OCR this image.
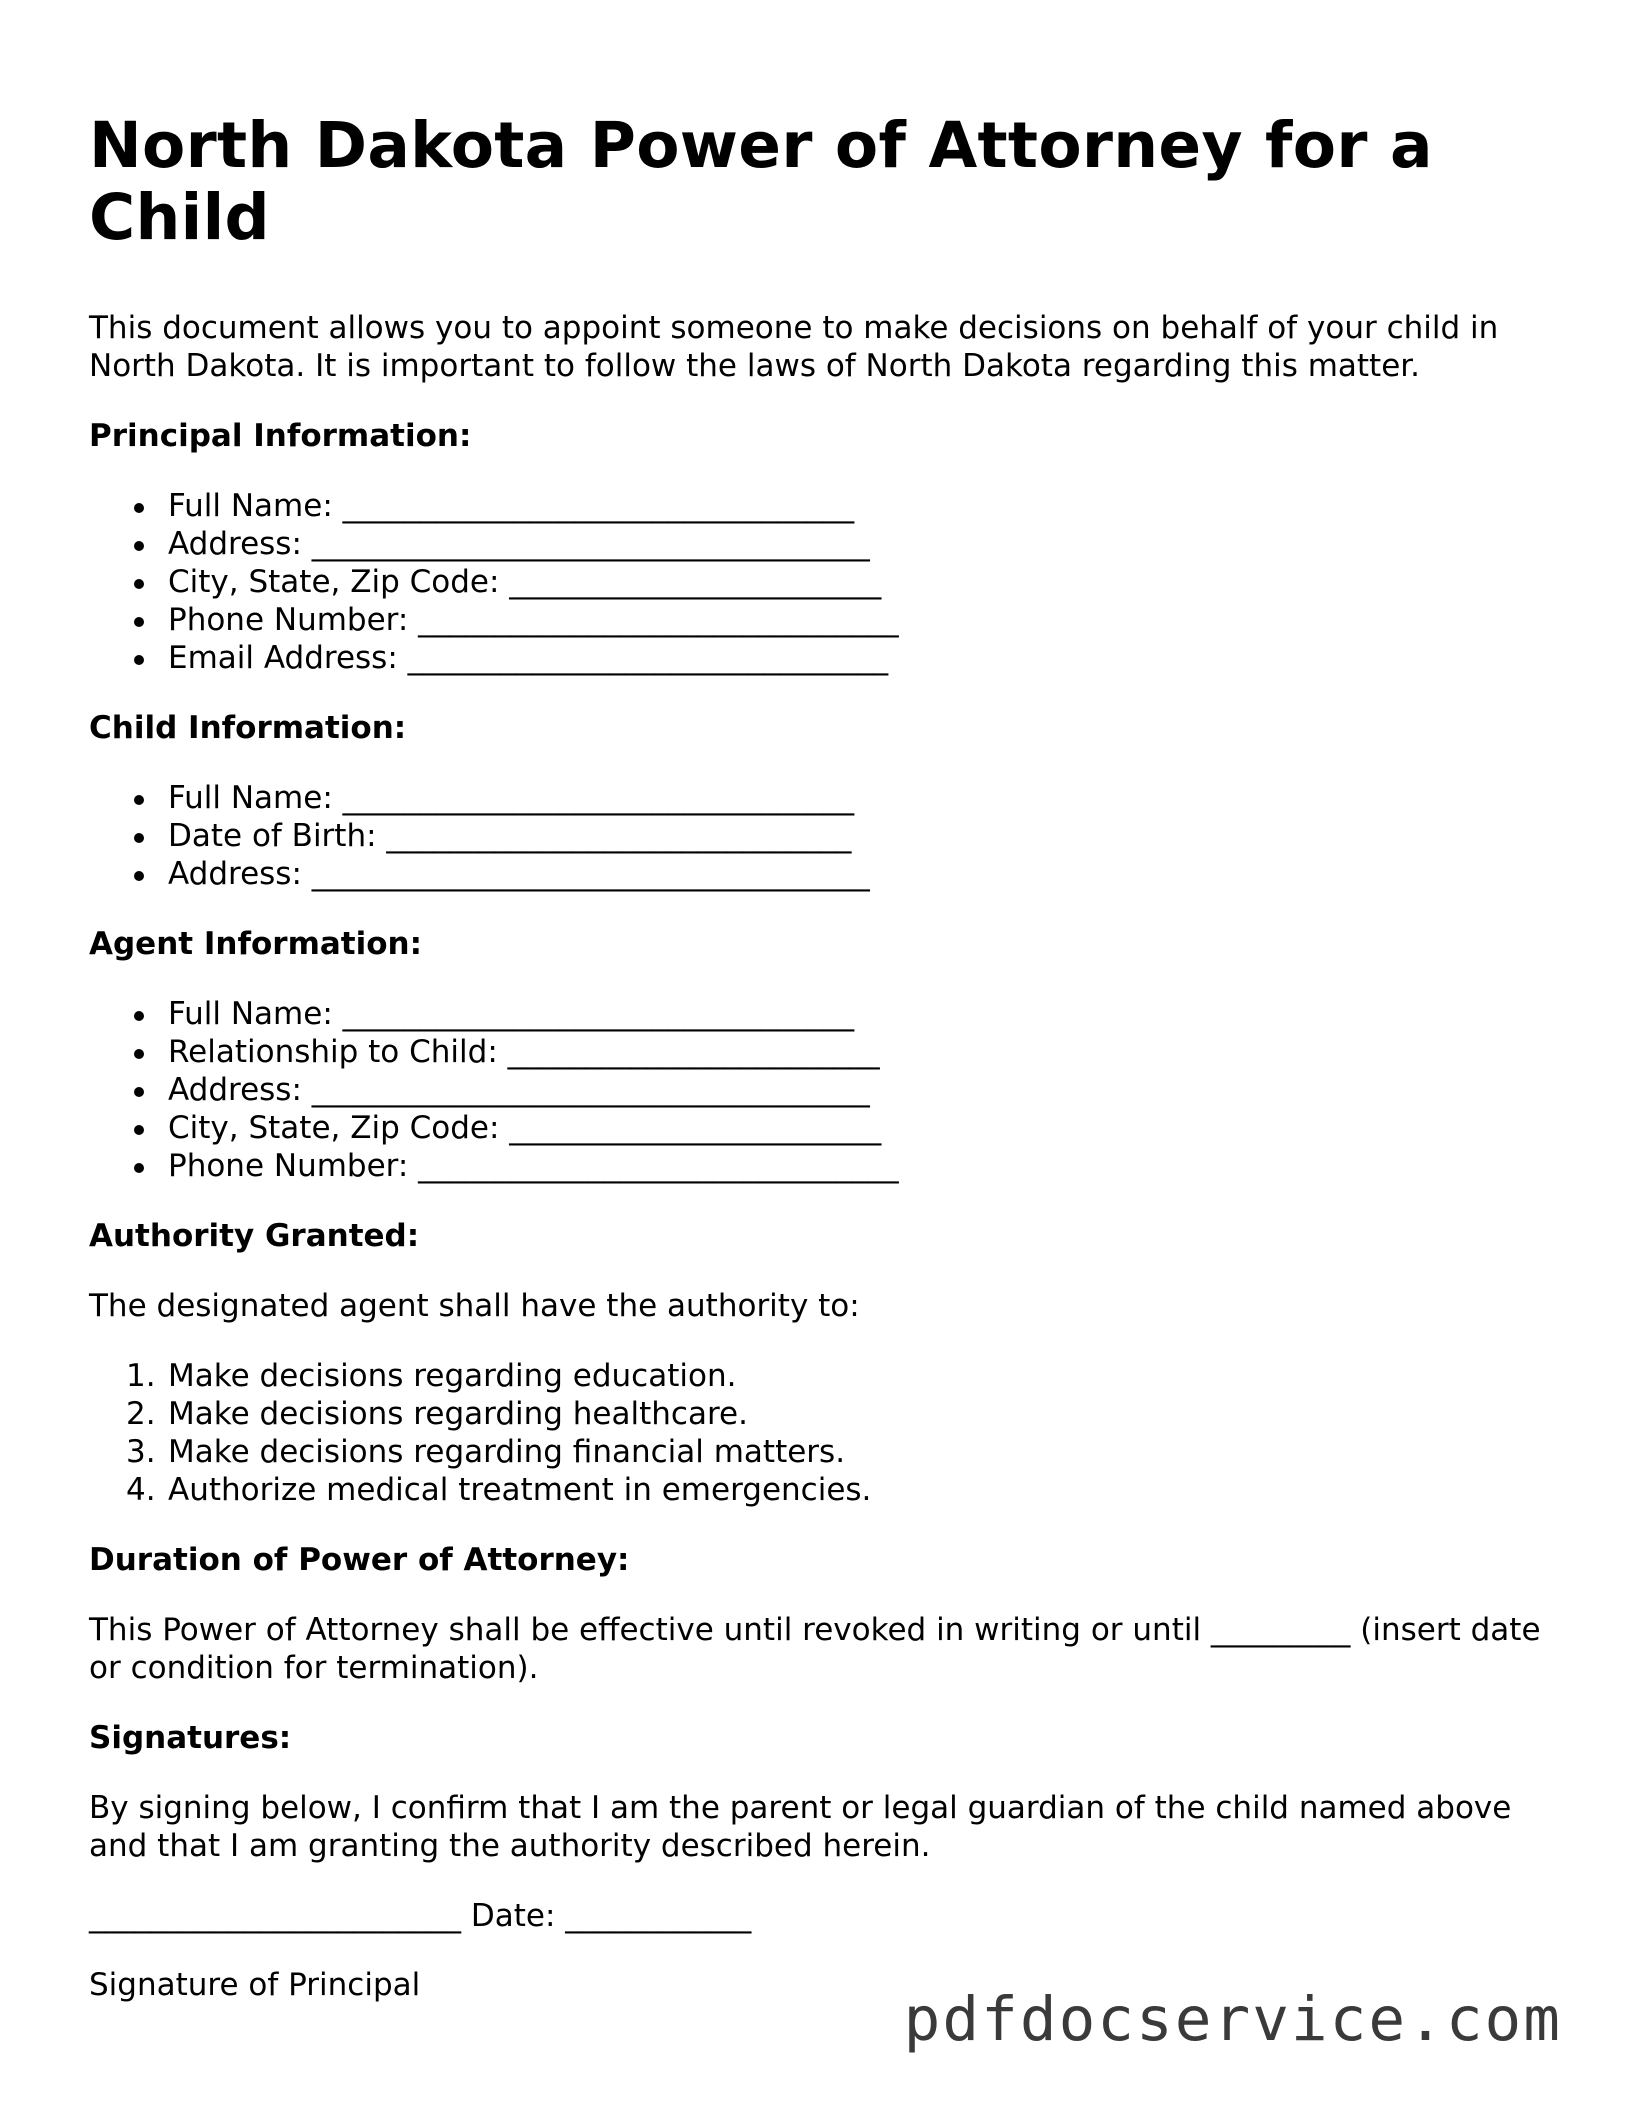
North Dakota Power of Attorney for a Child

This document allows you to appoint someone to make decisions on behalf of your child in North Dakota. It is important to follow the laws of North Dakota regarding this matter.

Principal Information:
Full Name: _________________________________
Address: ____________________________________
City, State, Zip Code: ________________________
Phone Number: _______________________________
Email Address: _______________________________
Child Information:
Full Name: _________________________________
Date of Birth: ______________________________
Address: ____________________________________
Agent Information:
Full Name: _________________________________
Relationship to Child: ________________________
Address: ____________________________________
City, State, Zip Code: ________________________
Phone Number: _______________________________
Authority Granted:

The designated agent shall have the authority to:

1. Make decisions regarding education.
2. Make decisions regarding healthcare.
3. Make decisions regarding financial matters.
4. Authorize medical treatment in emergencies.
Duration of Power of Attorney:

This Power of Attorney shall be effective until revoked in writing or until _________ (insert date or condition for termination).

Signatures:

By signing below, I confirm that I am the parent or legal guardian of the child named above and that I am granting the authority described herein.

________________________ Date: ____________

Signature of Principal	pdfdocservice.com
